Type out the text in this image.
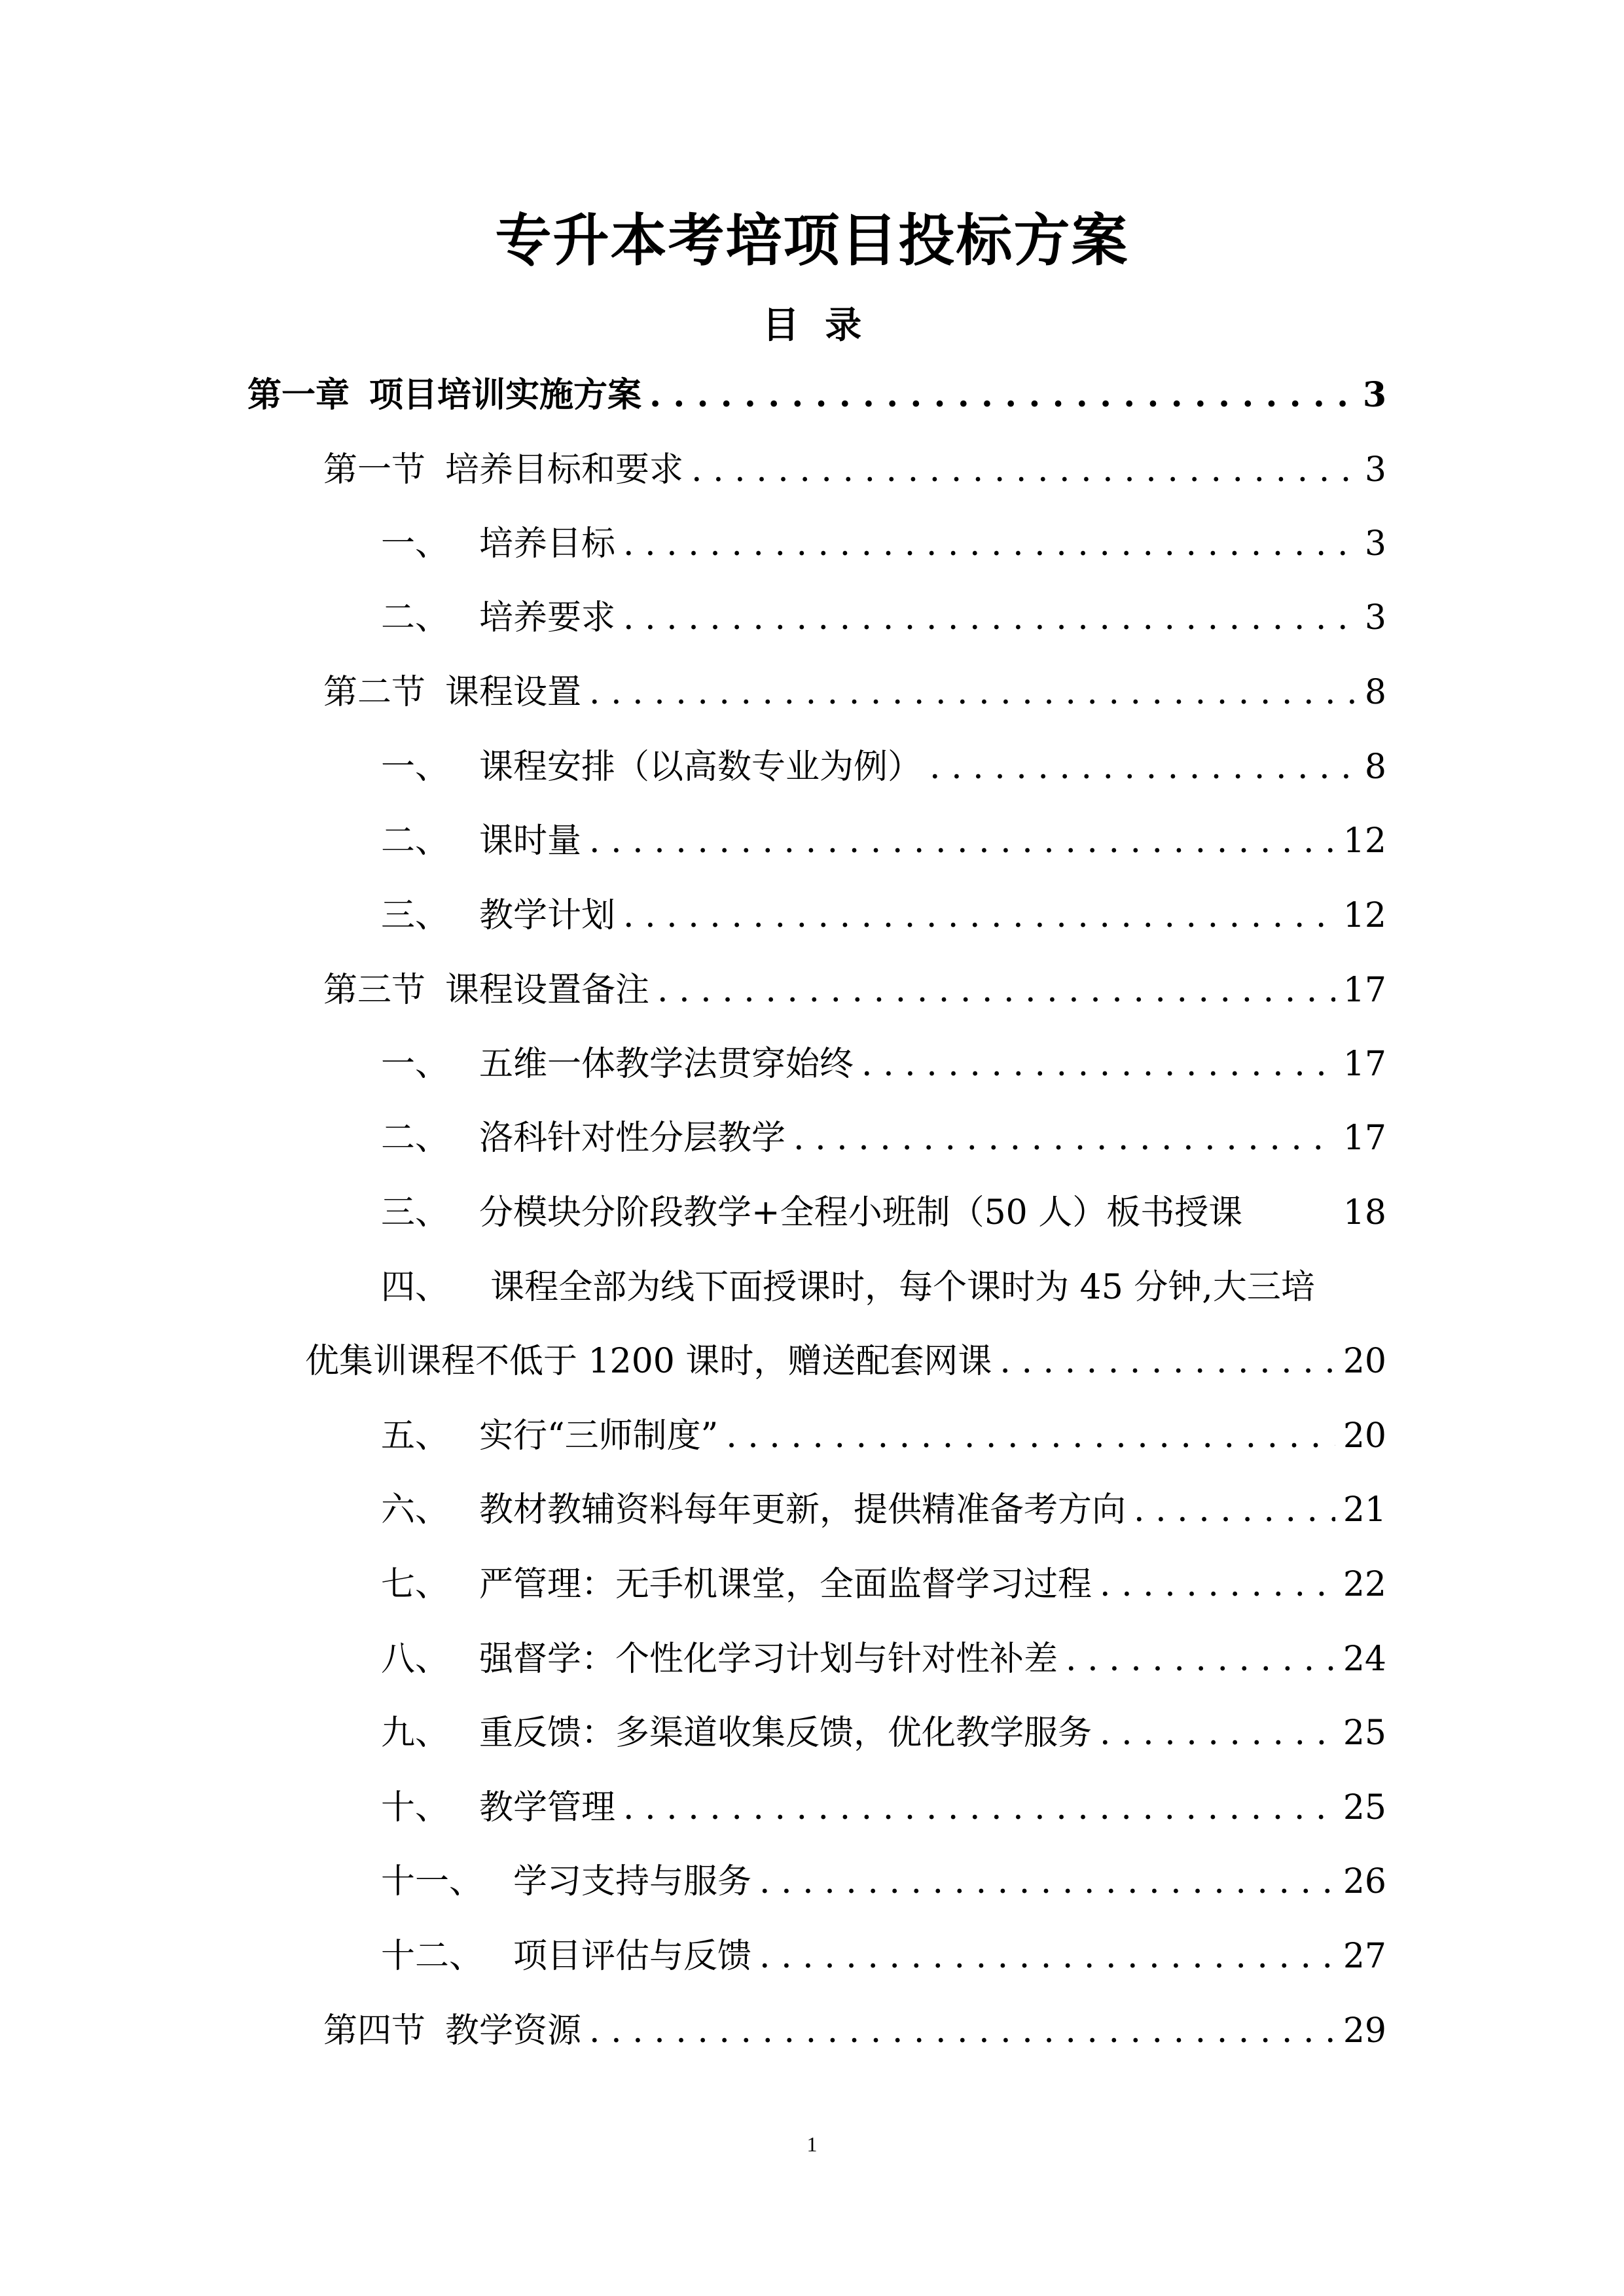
专升本考培项目投标方案
目 录
第一章 项目培训实施方案 . . .	3
第一节 培养目标和要求 . . .	3
一、 培养目标 . . .	3
二、 培养要求 . . .	3
第二节 课程设置 . . .	8
一、 课程安排（以高数专业为例） . . .	8
二、 课时量 . . .	12
三、 教学计划 . . .	12
第三节 课程设置备注 . . .	17
一、 五维一体教学法贯穿始终 . . .	17
二、 洛科针对性分层教学 . . .	17
三、 分模块分阶段教学+全程小班制（50 人）板书授课	18
四、 课程全部为线下面授课时，每个课时为 45 分钟,大三培
优集训课程不低于 1200 课时，赠送配套网课 . . .	20
五、 实行“三师制度” . . .	20
六、 教材教辅资料每年更新，提供精准备考方向 . . .	21
七、 严管理：无手机课堂，全面监督学习过程 . . .	22
八、 强督学：个性化学习计划与针对性补差 . . .	24
九、 重反馈：多渠道收集反馈，优化教学服务 . . .	25
十、 教学管理 . . .	25
十一、 学习支持与服务 . . .	26
十二、 项目评估与反馈 . . .	27
第四节 教学资源 . . .	29
1
